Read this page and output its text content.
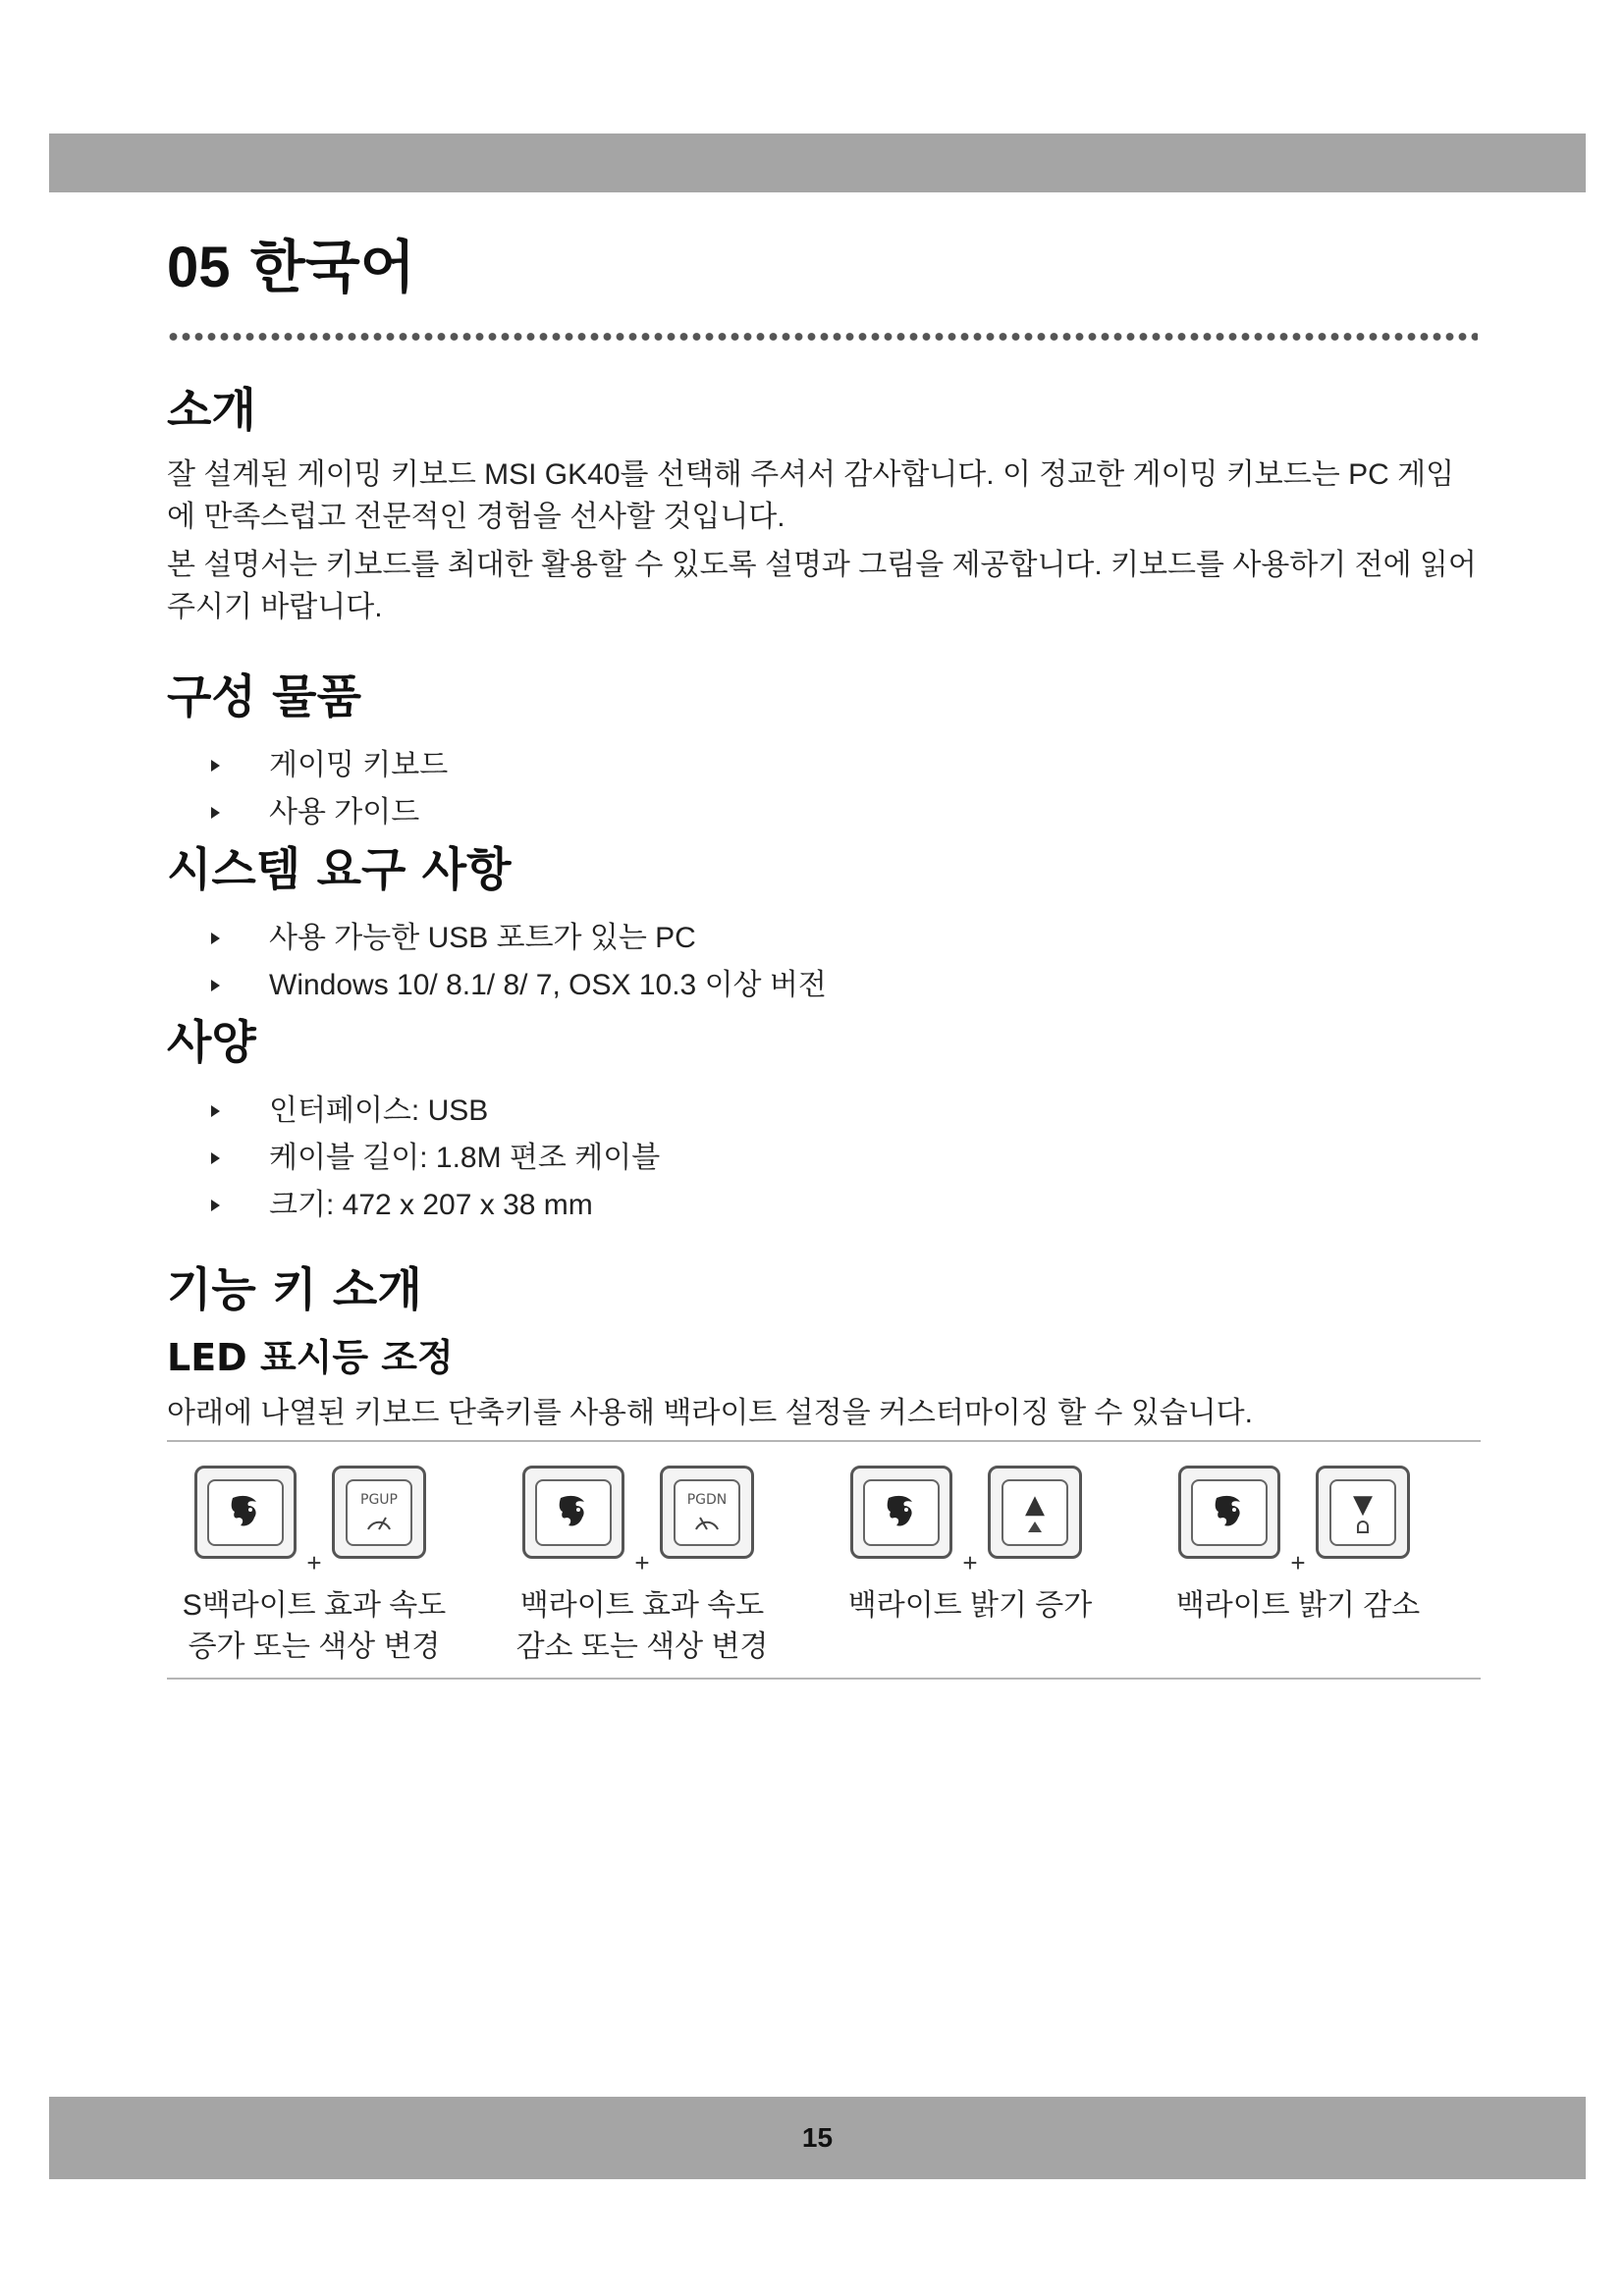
05 한국어
소개

잘 설계된 게이밍 키보드 MSI GK40를 선택해 주셔서 감사합니다. 이 정교한 게이밍 키보드는 PC 게임에 만족스럽고 전문적인 경험을 선사할 것입니다.

본 설명서는 키보드를 최대한 활용할 수 있도록 설명과 그림을 제공합니다. 키보드를 사용하기 전에 읽어주시기 바랍니다.

구성 물품
게이밍 키보드
사용 가이드
시스템 요구 사항
사용 가능한 USB 포트가 있는 PC
Windows 10/ 8.1/ 8/ 7, OSX 10.3 이상 버전
사양
인터페이스: USB
케이블 길이: 1.8M 편조 케이블
크기: 472 x 207 x 38 mm
기능 키 소개
LED 표시등 조정

아래에 나열된 키보드 단축키를 사용해 백라이트 설정을 커스터마이징 할 수 있습니다.

+
PGUP
S백라이트 효과 속도
증가 또는 색상 변경
+
PGDN
백라이트 효과 속도
감소 또는 색상 변경
+
▲
백라이트 밝기 증가
+
▼
백라이트 밝기 감소
15
